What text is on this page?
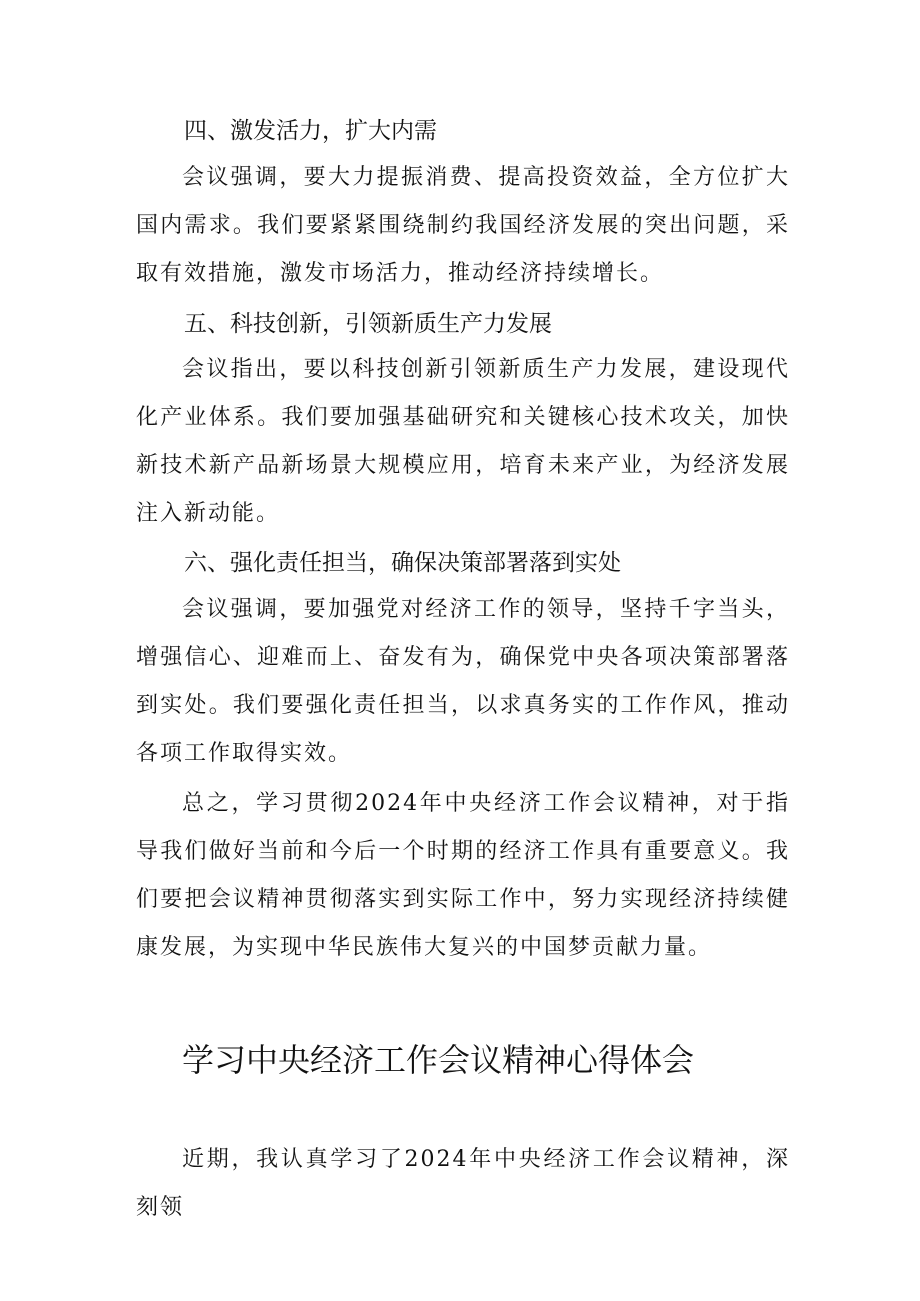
四、激发活力，扩大内需

会议强调，要大力提振消费、提高投资效益，全方位扩大国内需求。我们要紧紧围绕制约我国经济发展的突出问题，采取有效措施，激发市场活力，推动经济持续增长。

五、科技创新，引领新质生产力发展

会议指出，要以科技创新引领新质生产力发展，建设现代化产业体系。我们要加强基础研究和关键核心技术攻关，加快新技术新产品新场景大规模应用，培育未来产业，为经济发展注入新动能。

六、强化责任担当，确保决策部署落到实处

会议强调，要加强党对经济工作的领导，坚持千字当头，增强信心、迎难而上、奋发有为，确保党中央各项决策部署落到实处。我们要强化责任担当，以求真务实的工作作风，推动各项工作取得实效。

总之，学习贯彻2024年中央经济工作会议精神，对于指导我们做好当前和今后一个时期的经济工作具有重要意义。我们要把会议精神贯彻落实到实际工作中，努力实现经济持续健康发展，为实现中华民族伟大复兴的中国梦贡献力量。

学习中央经济工作会议精神心得体会

近期，我认真学习了2024年中央经济工作会议精神，深刻领
